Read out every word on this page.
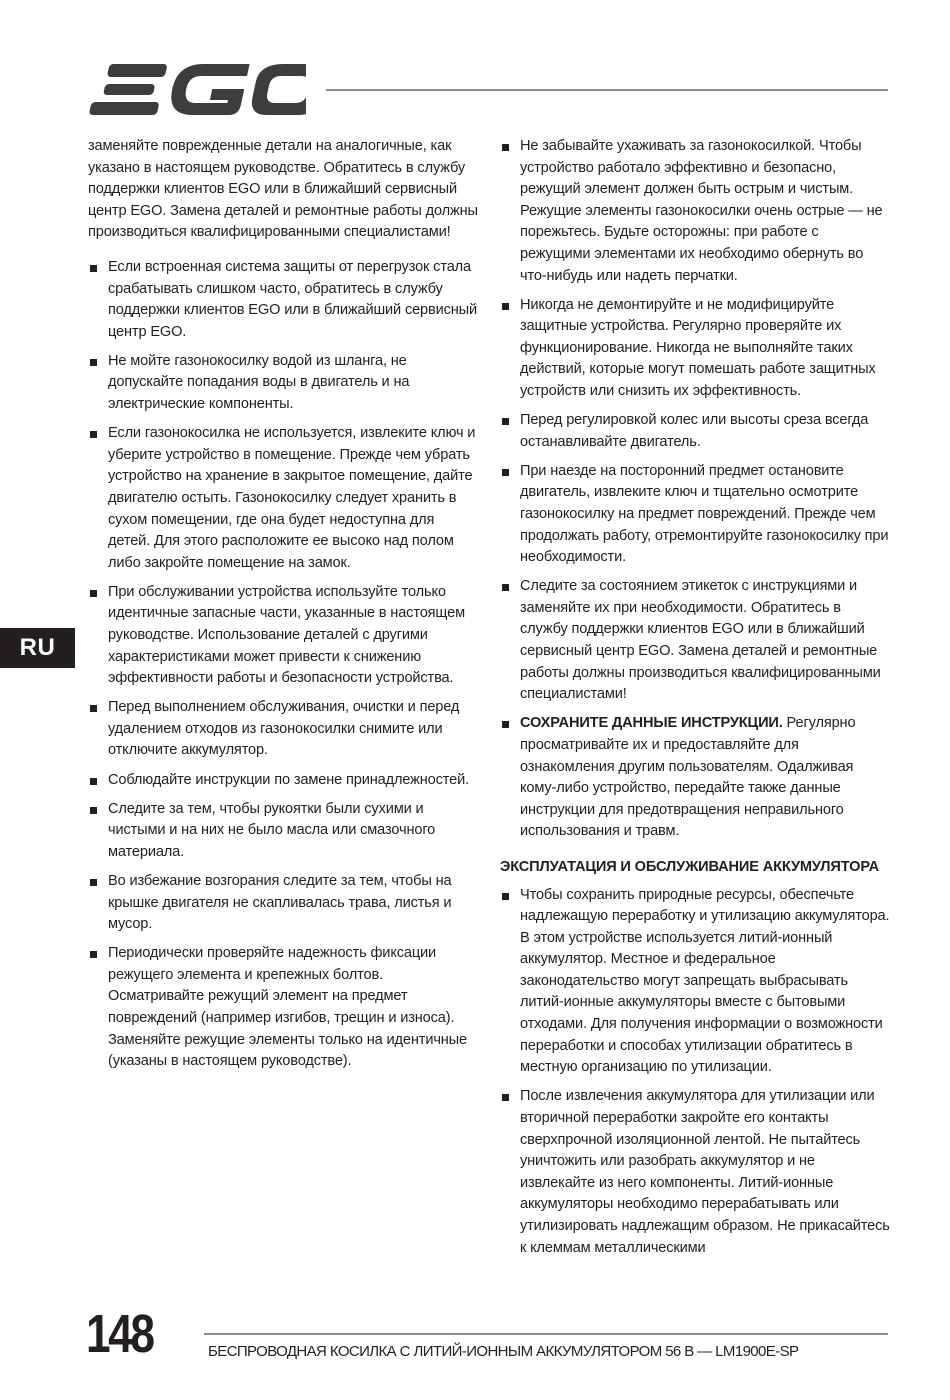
EGO
RU

заменяйте поврежденные детали на аналогичные, как указано в настоящем руководстве. Обратитесь в службу поддержки клиентов EGO или в ближайший сервисный центр EGO. Замена деталей и ремонтные работы должны производиться квалифицированными специалистами!

Если встроенная система защиты от перегрузок стала срабатывать слишком часто, обратитесь в службу поддержки клиентов EGO или в ближайший сервисный центр EGO.
Не мойте газонокосилку водой из шланга, не допускайте попадания воды в двигатель и на электрические компоненты.
Если газонокосилка не используется, извлеките ключ и уберите устройство в помещение. Прежде чем убрать устройство на хранение в закрытое помещение, дайте двигателю остыть. Газонокосилку следует хранить в сухом помещении, где она будет недоступна для детей. Для этого расположите ее высоко над полом либо закройте помещение на замок.
При обслуживании устройства используйте только идентичные запасные части, указанные в настоящем руководстве. Использование деталей с другими характеристиками может привести к снижению эффективности работы и безопасности устройства.
Перед выполнением обслуживания, очистки и перед удалением отходов из газонокосилки снимите или отключите аккумулятор.
Соблюдайте инструкции по замене принадлежностей.
Следите за тем, чтобы рукоятки были сухими и чистыми и на них не было масла или смазочного материала.
Во избежание возгорания следите за тем, чтобы на крышке двигателя не скапливалась трава, листья и мусор.
Периодически проверяйте надежность фиксации режущего элемента и крепежных болтов. Осматривайте режущий элемент на предмет повреждений (например изгибов, трещин и износа). Заменяйте режущие элементы только на идентичные (указаны в настоящем руководстве).
Не забывайте ухаживать за газонокосилкой. Чтобы устройство работало эффективно и безопасно, режущий элемент должен быть острым и чистым. Режущие элементы газонокосилки очень острые — не порежьтесь. Будьте осторожны: при работе с режущими элементами их необходимо обернуть во что-нибудь или надеть перчатки.
Никогда не демонтируйте и не модифицируйте защитные устройства. Регулярно проверяйте их функционирование. Никогда не выполняйте таких действий, которые могут помешать работе защитных устройств или снизить их эффективность.
Перед регулировкой колес или высоты среза всегда останавливайте двигатель.
При наезде на посторонний предмет остановите двигатель, извлеките ключ и тщательно осмотрите газонокосилку на предмет повреждений. Прежде чем продолжать работу, отремонтируйте газонокосилку при необходимости.
Следите за состоянием этикеток с инструкциями и заменяйте их при необходимости. Обратитесь в службу поддержки клиентов EGO или в ближайший сервисный центр EGO. Замена деталей и ремонтные работы должны производиться квалифицированными специалистами!
СОХРАНИТЕ ДАННЫЕ ИНСТРУКЦИИ. Регулярно просматривайте их и предоставляйте для ознакомления другим пользователям. Одалживая кому-либо устройство, передайте также данные инструкции для предотвращения неправильного использования и травм.
ЭКСПЛУАТАЦИЯ И ОБСЛУЖИВАНИЕ АККУМУЛЯТОРА
Чтобы сохранить природные ресурсы, обеспечьте надлежащую переработку и утилизацию аккумулятора. В этом устройстве используется литий-ионный аккумулятор. Местное и федеральное законодательство могут запрещать выбрасывать литий-ионные аккумуляторы вместе с бытовыми отходами. Для получения информации о возможности переработки и способах утилизации обратитесь в местную организацию по утилизации.
После извлечения аккумулятора для утилизации или вторичной переработки закройте его контакты сверхпрочной изоляционной лентой. Не пытайтесь уничтожить или разобрать аккумулятор и не извлекайте из него компоненты. Литий-ионные аккумуляторы необходимо перерабатывать или утилизировать надлежащим образом. Не прикасайтесь к клеммам металлическими
148	БЕСПРОВОДНАЯ КОСИЛКА С ЛИТИЙ-ИОННЫМ АККУМУЛЯТОРОМ 56 В — LM1900E-SP
